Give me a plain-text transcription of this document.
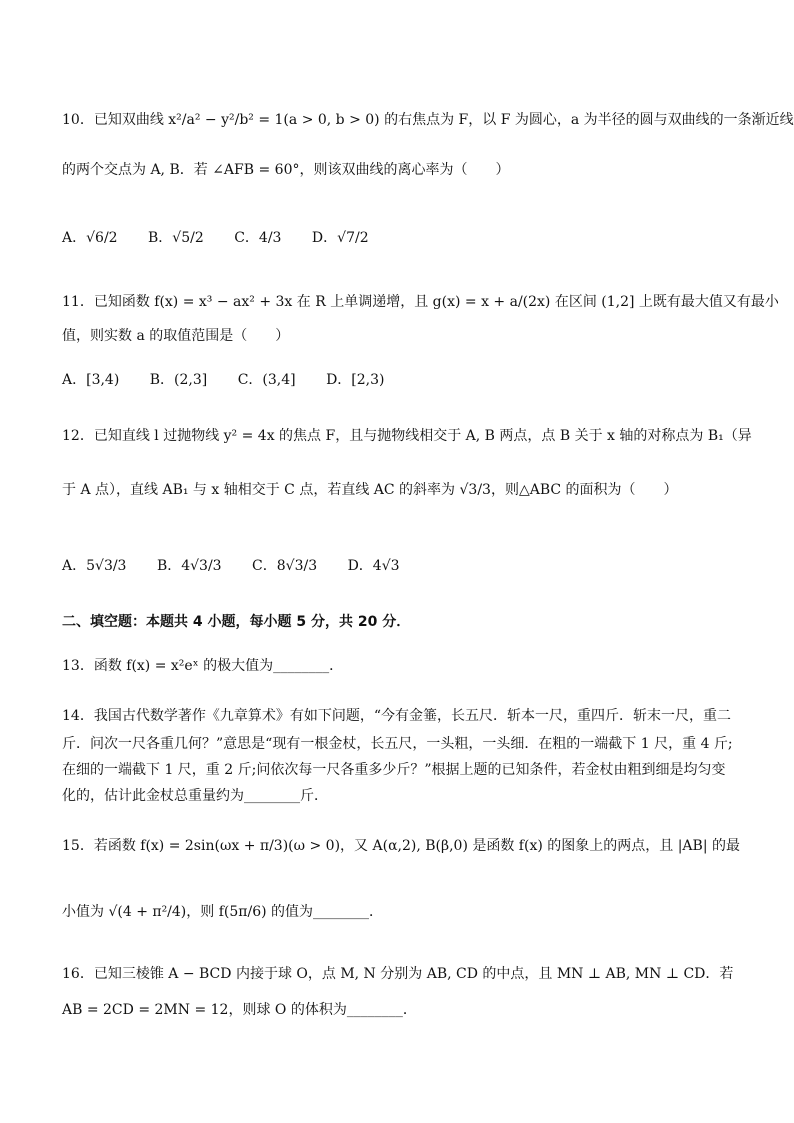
10．已知双曲线 x²/a² − y²/b² = 1(a > 0, b > 0) 的右焦点为 F，以 F 为圆心，a 为半径的圆与双曲线的一条渐近线
的两个交点为 A, B．若 ∠AFB = 60°，则该双曲线的离心率为（　　）
A．√6/2 B．√5/2 C．4/3 D．√7/2
11．已知函数 f(x) = x³ − ax² + 3x 在 R 上单调递增，且 g(x) = x + a/(2x) 在区间 (1,2] 上既有最大值又有最小
值，则实数 a 的取值范围是（　　）
A．[3,4) B．(2,3] C．(3,4] D．[2,3)
12．已知直线 l 过抛物线 y² = 4x 的焦点 F，且与抛物线相交于 A, B 两点，点 B 关于 x 轴的对称点为 B₁（异
于 A 点），直线 AB₁ 与 x 轴相交于 C 点，若直线 AC 的斜率为 √3/3，则△ABC 的面积为（　　）
A．5√3/3 B．4√3/3 C．8√3/3 D．4√3
二、填空题：本题共 4 小题，每小题 5 分，共 20 分．
13．函数 f(x) = x²eˣ 的极大值为________．
14．我国古代数学著作《九章算术》有如下问题，“今有金箠，长五尺．斩本一尺，重四斤．斩末一尺，重二
斤．问次一尺各重几何？”意思是“现有一根金杖，长五尺，一头粗，一头细．在粗的一端截下 1 尺，重 4 斤;
在细的一端截下 1 尺，重 2 斤;问依次每一尺各重多少斤？”根据上题的已知条件，若金杖由粗到细是均匀变
化的，估计此金杖总重量约为________斤．
15．若函数 f(x) = 2sin(ωx + π/3)(ω > 0)，又 A(α,2), B(β,0) 是函数 f(x) 的图象上的两点，且 |AB| 的最
小值为 √(4 + π²/4)，则 f(5π/6) 的值为________．
16．已知三棱锥 A − BCD 内接于球 O，点 M, N 分别为 AB, CD 的中点，且 MN ⊥ AB, MN ⊥ CD．若
AB = 2CD = 2MN = 12，则球 O 的体积为________．
